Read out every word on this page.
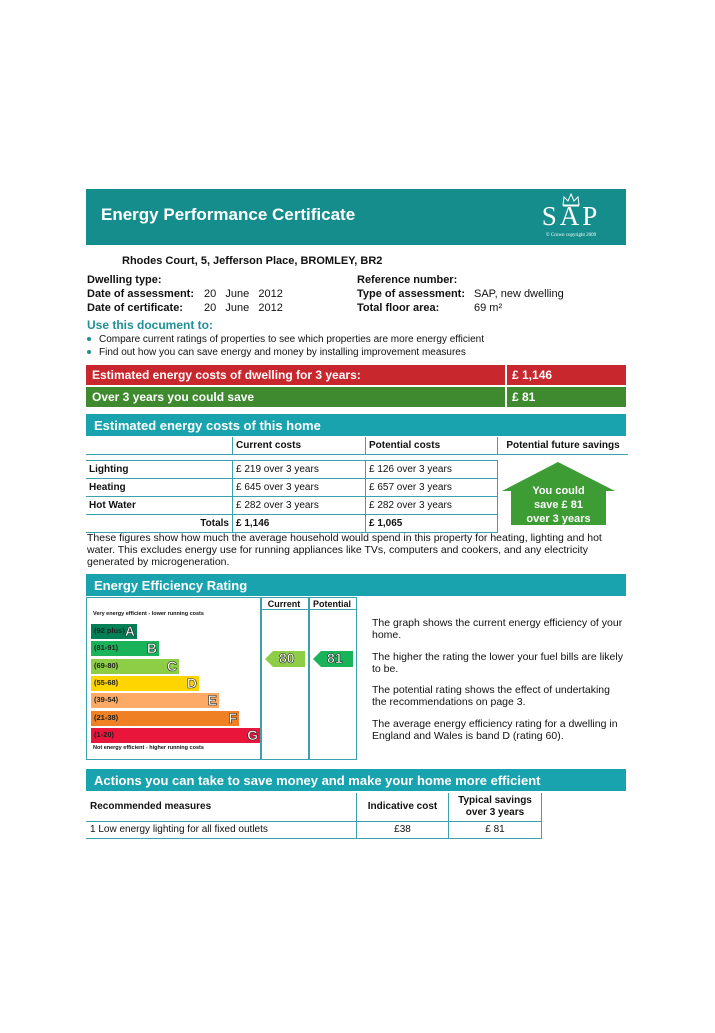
Energy Performance Certificate	SAP
© Crown copyright 2009
Rhodes Court, 5, Jefferson Place, BROMLEY, BR2
Dwelling type:
Date of assessment: 20   June   2012
Date of certificate: 20   June   2012
Reference number:
Type of assessment: SAP, new dwelling
Total floor area:	69 m²
Use this document to:
Compare current ratings of properties to see which properties are more energy efficient
Find out how you can save energy and money by installing improvement measures
Estimated energy costs of dwelling for 3 years:	£ 1,146
Over 3 years you could save	£ 81
Estimated energy costs of this home
	Current costs	Potential costs	Potential future savings

Lighting	£ 219 over 3 years	£ 126 over 3 years	
Heating	£ 645 over 3 years	£ 657 over 3 years	
Hot Water	£ 282 over 3 years	£ 282 over 3 years	
Totals	£ 1,146	£ 1,065	
You could
save £ 81
over 3 years
These figures show how much the average household would spend in this property for heating, lighting and hot water. This excludes energy use for running appliances like TVs, computers and cookers, and any electricity generated by microgeneration.
Energy Efficiency Rating
Current	Potential
Very energy efficient - lower running costs
Not energy efficient - higher running costs
(92 plus) A
(81-91) B
(69-80)	C
(55-68)	D
(39-54)	E
(21-38)	F
(1-20)	G
80 81
The graph shows the current energy efficiency of your home.
The higher the rating the lower your fuel bills are likely to be.
The potential rating shows the effect of undertaking the recommendations on page 3.
The average energy efficiency rating for a dwelling in England and Wales is band D (rating 60).
Actions you can take to save money and make your home more efficient
Recommended measures	Indicative cost	Typical savings
over 3 years
1 Low energy lighting for all fixed outlets	£38	£ 81
